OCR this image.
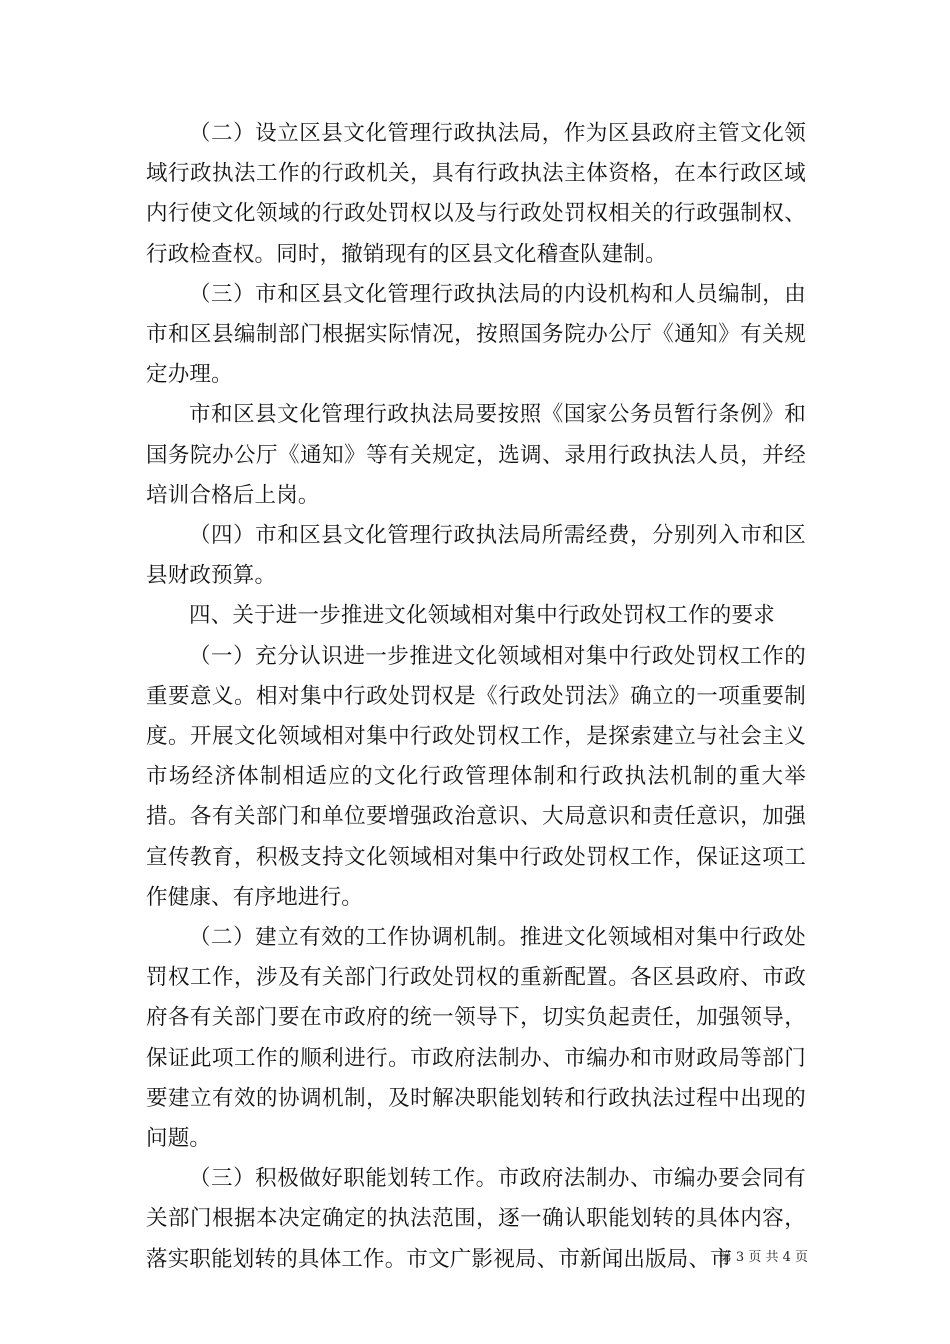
（二）设立区县文化管理行政执法局，作为区县政府主管文化领域行政执法工作的行政机关，具有行政执法主体资格，在本行政区域内行使文化领域的行政处罚权以及与行政处罚权相关的行政强制权、行政检查权。同时，撤销现有的区县文化稽查队建制。

（三）市和区县文化管理行政执法局的内设机构和人员编制，由市和区县编制部门根据实际情况，按照国务院办公厅《通知》有关规定办理。

市和区县文化管理行政执法局要按照《国家公务员暂行条例》和国务院办公厅《通知》等有关规定，选调、录用行政执法人员，并经培训合格后上岗。

（四）市和区县文化管理行政执法局所需经费，分别列入市和区县财政预算。

四、关于进一步推进文化领域相对集中行政处罚权工作的要求

（一）充分认识进一步推进文化领域相对集中行政处罚权工作的重要意义。相对集中行政处罚权是《行政处罚法》确立的一项重要制度。开展文化领域相对集中行政处罚权工作，是探索建立与社会主义市场经济体制相适应的文化行政管理体制和行政执法机制的重大举措。各有关部门和单位要增强政治意识、大局意识和责任意识，加强宣传教育，积极支持文化领域相对集中行政处罚权工作，保证这项工作健康、有序地进行。

（二）建立有效的工作协调机制。推进文化领域相对集中行政处罚权工作，涉及有关部门行政处罚权的重新配置。各区县政府、市政府各有关部门要在市政府的统一领导下，切实负起责任，加强领导，保证此项工作的顺利进行。市政府法制办、市编办和市财政局等部门要建立有效的协调机制，及时解决职能划转和行政执法过程中出现的问题。

（三）积极做好职能划转工作。市政府法制办、市编办要会同有关部门根据本决定确定的执法范围，逐一确认职能划转的具体内容，落实职能划转的具体工作。市文广影视局、市新闻出版局、市

第 3 页 共 4 页
